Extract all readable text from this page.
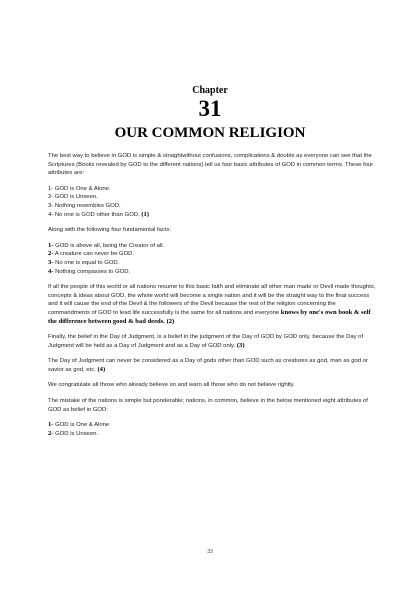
Chapter
31
OUR COMMON RELIGION

The best way to believe in GOD is simple & straightwithout confusions, complications & doubts as everyone can see that the Scriptures (Books revealed by GOD to the different nations) tell us four basic attributes of GOD in common terms. These four attributes are:

1- GOD is One & Alone.
2- GOD is Unseen.
3- Nothing resembles GOD.
4- No one is GOD other than GOD. (1)

Along with the following four fundamental facts:

1- GOD is above all, being the Creator of all.
2- A creature can never be GOD.
3- No one is equal to GOD.
4- Nothing compasses to GOD.

If all the people of this world or all nations resume to this basic faith and eliminate all other man made or Devil made thoughts, concepts & ideas about GOD, the whole world will become a single nation and it will be the straight way to the final success and it will cause the end of the Devil & the followers of the Devil because the rest of the religion concerning the commandments of GOD to lead life successfully is the same for all nations and everyone knows by one's own book & self the difference between good & bad deeds. (2)

Finally, the belief in the Day of Judgment, is a belief in the judgment of the Day of GOD by GOD only, because the Day of Judgment will be held as a Day of Judgment and as a Day of GOD only. (3)

The Day of Judgment can never be considered as a Day of gods other than GOD such as creatures as god, man as god or savior as god, etc. (4)

We congratulate all those who already believe so and warn all those who do not believe rightly.

The mistake of the nations is simple but ponderable; nations, in common, believe in the below mentioned eight attributes of GOD as belief in GOD:

1- GOD is One & Alone
2- GOD is Unseen.
33
